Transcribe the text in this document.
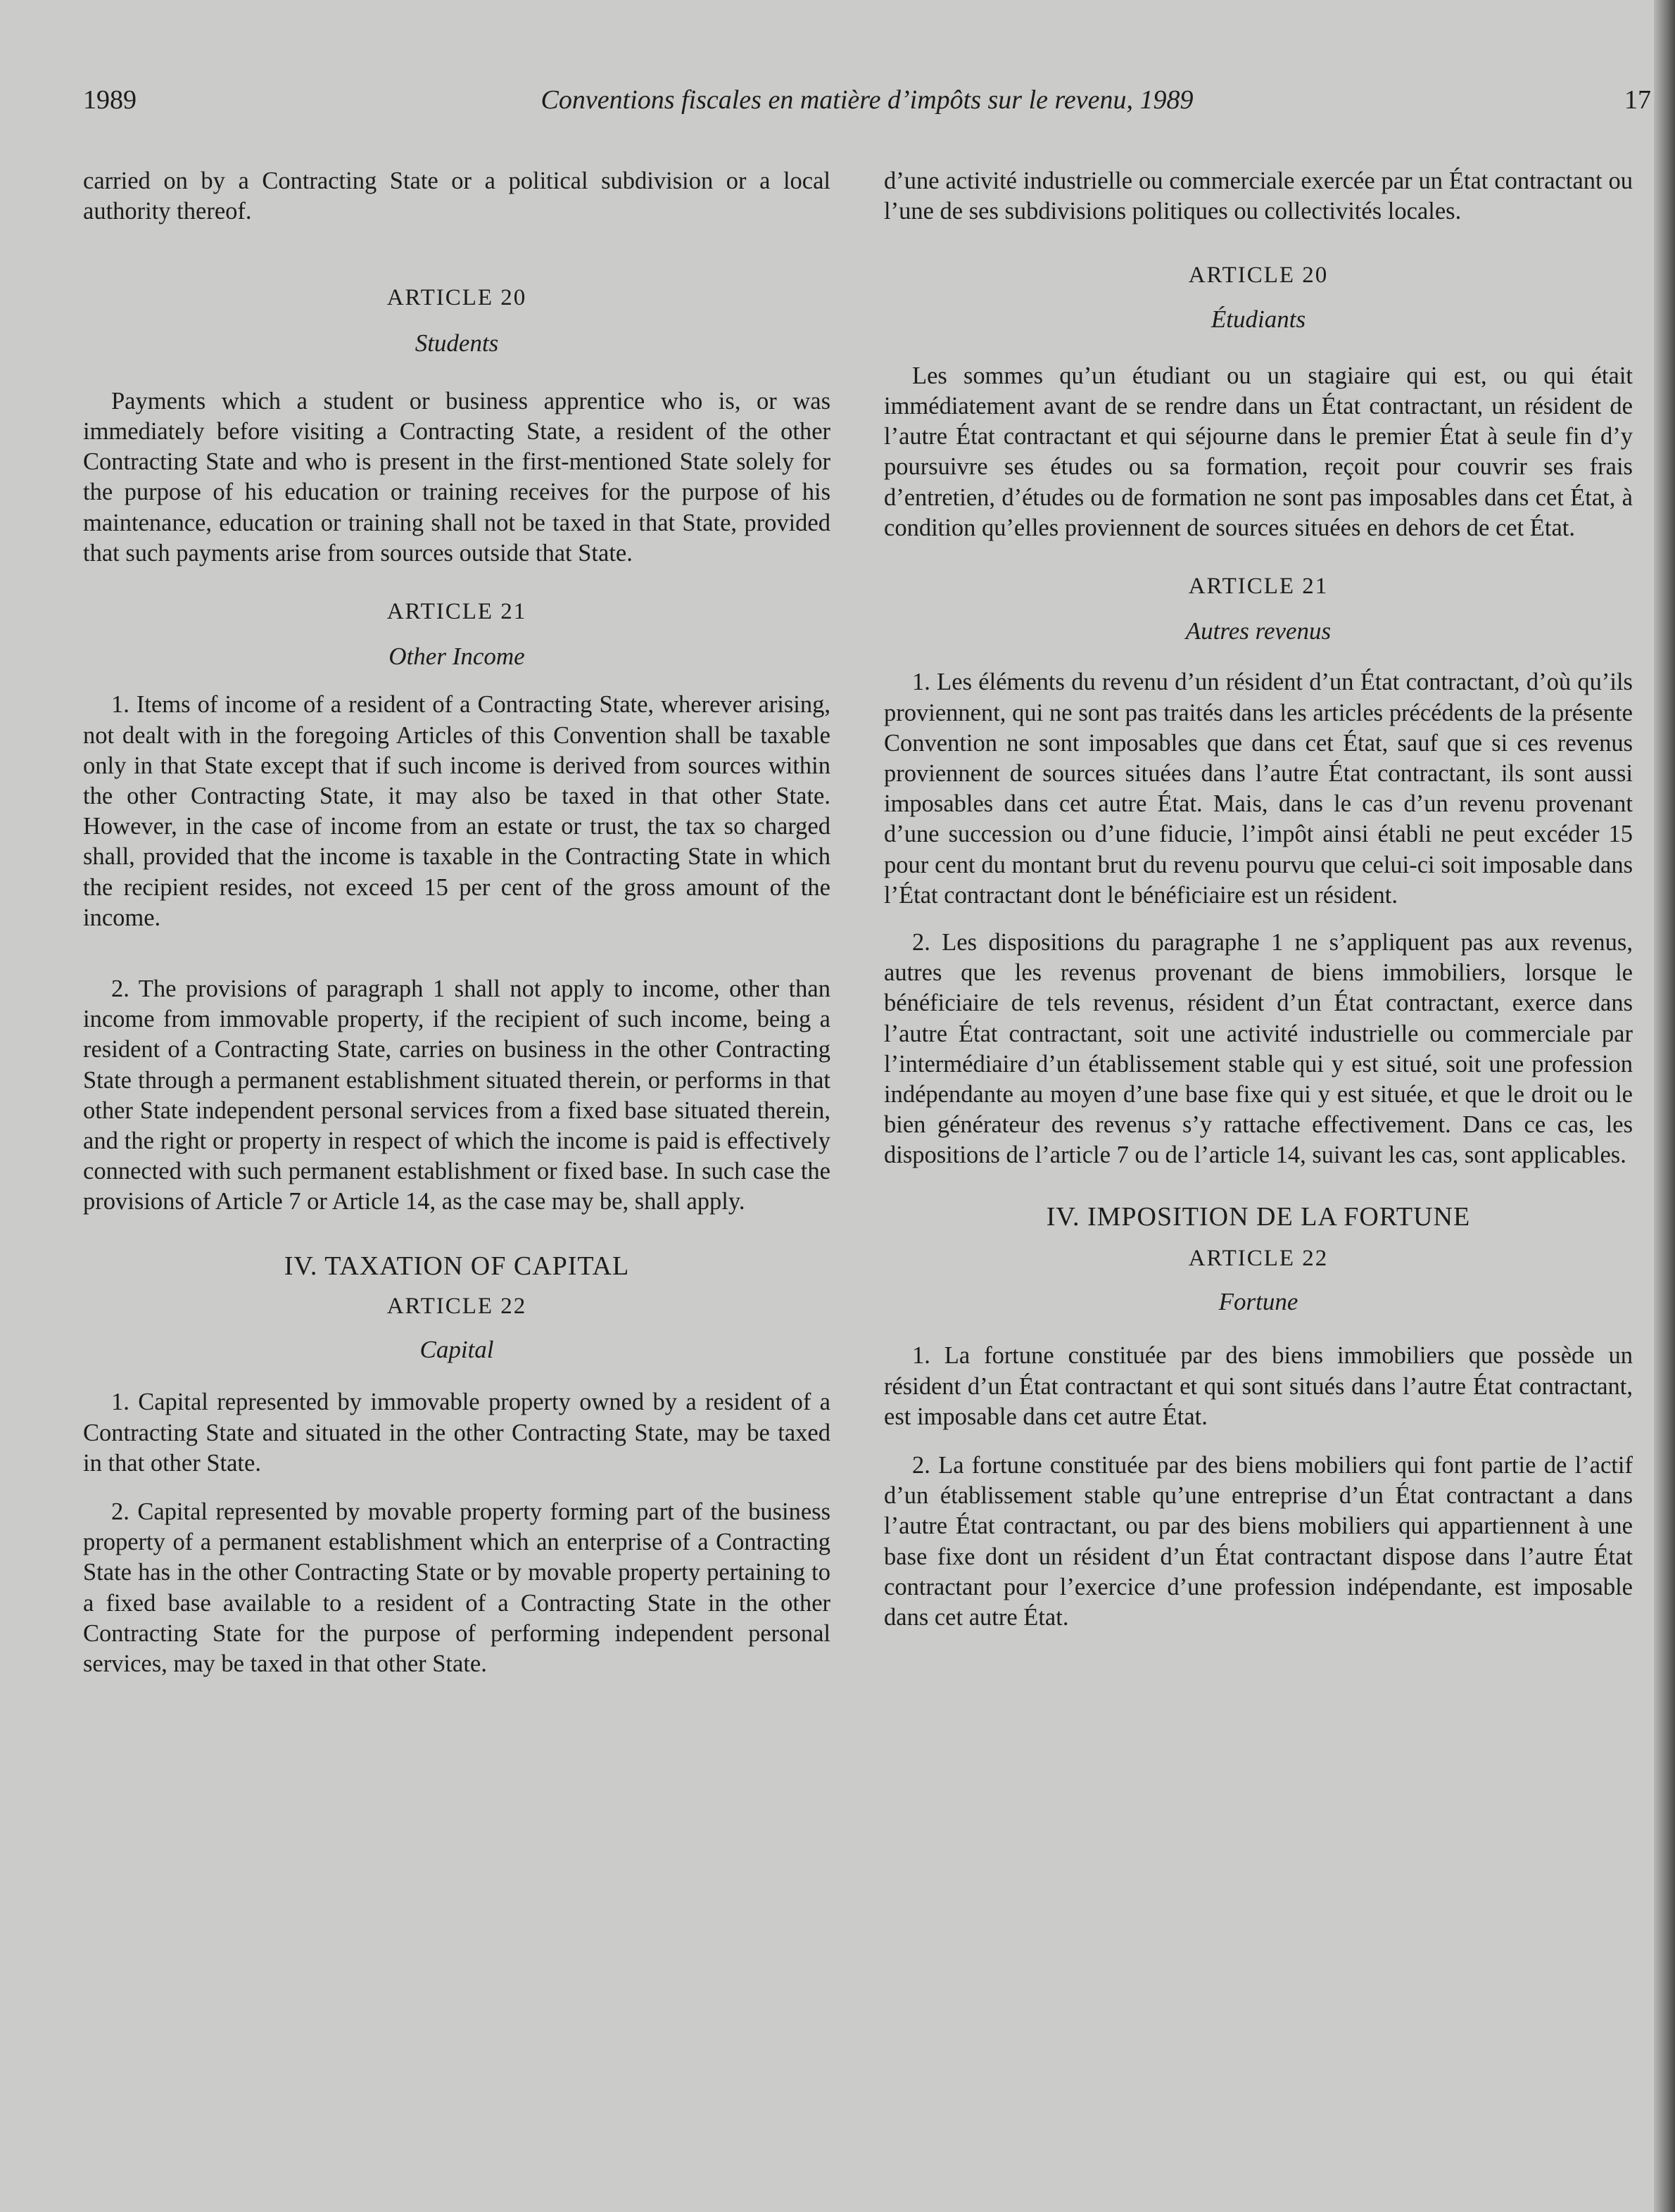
1989	Conventions fiscales en matière d’impôts sur le revenu, 1989	17

carried on by a Contracting State or a political subdivision or a local authority thereof.

ARTICLE 20

Students

Payments which a student or business apprentice who is, or was immediately before visiting a Contracting State, a resident of the other Contracting State and who is present in the first-mentioned State solely for the purpose of his education or training receives for the purpose of his maintenance, education or training shall not be taxed in that State, provided that such payments arise from sources outside that State.

ARTICLE 21

Other Income

1. Items of income of a resident of a Contracting State, wherever arising, not dealt with in the foregoing Articles of this Convention shall be taxable only in that State except that if such income is derived from sources within the other Contracting State, it may also be taxed in that other State. However, in the case of income from an estate or trust, the tax so charged shall, provided that the income is taxable in the Contracting State in which the recipient resides, not exceed 15 per cent of the gross amount of the income.

2. The provisions of paragraph 1 shall not apply to income, other than income from immovable property, if the recipient of such income, being a resident of a Contracting State, carries on business in the other Contracting State through a permanent establishment situated therein, or performs in that other State independent personal services from a fixed base situated therein, and the right or property in respect of which the income is paid is effectively connected with such permanent establishment or fixed base. In such case the provisions of Article 7 or Article 14, as the case may be, shall apply.

IV. TAXATION OF CAPITAL

ARTICLE 22

Capital

1. Capital represented by immovable property owned by a resident of a Contracting State and situated in the other Contracting State, may be taxed in that other State.

2. Capital represented by movable property forming part of the business property of a permanent establishment which an enterprise of a Contracting State has in the other Contracting State or by movable property pertaining to a fixed base available to a resident of a Contracting State in the other Contracting State for the purpose of performing independent personal services, may be taxed in that other State.

d’une activité industrielle ou commerciale exercée par un État contractant ou l’une de ses subdivisions politiques ou collectivités locales.

ARTICLE 20

Étudiants

Les sommes qu’un étudiant ou un stagiaire qui est, ou qui était immédiatement avant de se rendre dans un État contractant, un résident de l’autre État contractant et qui séjourne dans le premier État à seule fin d’y poursuivre ses études ou sa formation, reçoit pour couvrir ses frais d’entretien, d’études ou de formation ne sont pas imposables dans cet État, à condition qu’elles proviennent de sources situées en dehors de cet État.

ARTICLE 21

Autres revenus

1. Les éléments du revenu d’un résident d’un État contractant, d’où qu’ils proviennent, qui ne sont pas traités dans les articles précédents de la présente Convention ne sont imposables que dans cet État, sauf que si ces revenus proviennent de sources situées dans l’autre État contractant, ils sont aussi imposables dans cet autre État. Mais, dans le cas d’un revenu provenant d’une succession ou d’une fiducie, l’impôt ainsi établi ne peut excéder 15 pour cent du montant brut du revenu pourvu que celui-ci soit imposable dans l’État contractant dont le bénéficiaire est un résident.

2. Les dispositions du paragraphe 1 ne s’appliquent pas aux revenus, autres que les revenus provenant de biens immobiliers, lorsque le bénéficiaire de tels revenus, résident d’un État contractant, exerce dans l’autre État contractant, soit une activité industrielle ou commerciale par l’intermédiaire d’un établissement stable qui y est situé, soit une profession indépendante au moyen d’une base fixe qui y est située, et que le droit ou le bien générateur des revenus s’y rattache effectivement. Dans ce cas, les dispositions de l’article 7 ou de l’article 14, suivant les cas, sont applicables.

IV. IMPOSITION DE LA FORTUNE

ARTICLE 22

Fortune

1. La fortune constituée par des biens immobiliers que possède un résident d’un État contractant et qui sont situés dans l’autre État contractant, est imposable dans cet autre État.

2. La fortune constituée par des biens mobiliers qui font partie de l’actif d’un établissement stable qu’une entreprise d’un État contractant a dans l’autre État contractant, ou par des biens mobiliers qui appartiennent à une base fixe dont un résident d’un État contractant dispose dans l’autre État contractant pour l’exercice d’une profession indépendante, est imposable dans cet autre État.
